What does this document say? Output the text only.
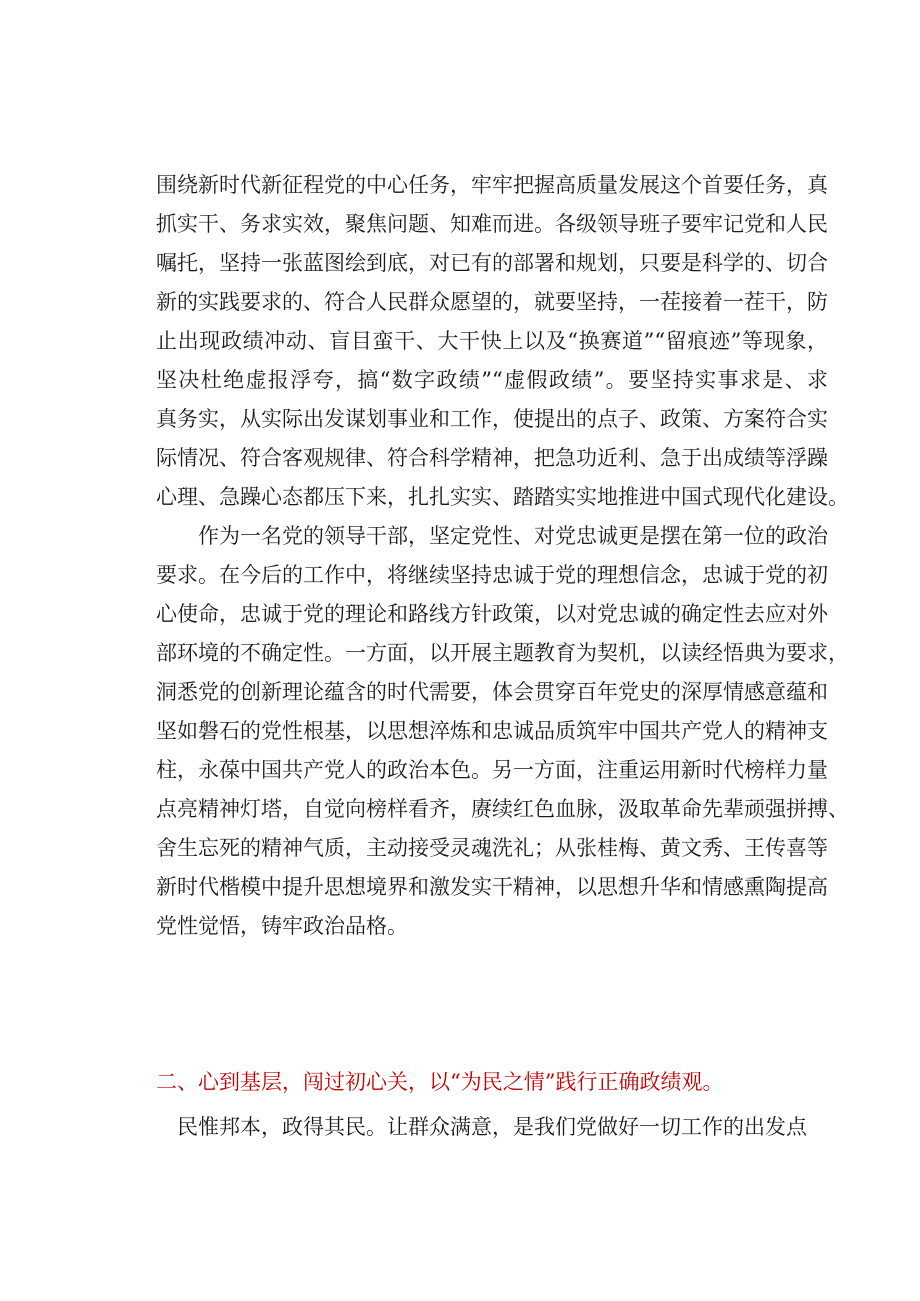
围绕新时代新征程党的中心任务，牢牢把握高质量发展这个首要任务，真
抓实干、务求实效，聚焦问题、知难而进。各级领导班子要牢记党和人民
嘱托，坚持一张蓝图绘到底，对已有的部署和规划，只要是科学的、切合
新的实践要求的、符合人民群众愿望的，就要坚持，一茬接着一茬干，防
止出现政绩冲动、盲目蛮干、大干快上以及“换赛道”“留痕迹”等现象，
坚决杜绝虚报浮夸，搞“数字政绩”“虚假政绩”。要坚持实事求是、求
真务实，从实际出发谋划事业和工作，使提出的点子、政策、方案符合实
际情况、符合客观规律、符合科学精神，把急功近利、急于出成绩等浮躁
心理、急躁心态都压下来，扎扎实实、踏踏实实地推进中国式现代化建设。

作为一名党的领导干部，坚定党性、对党忠诚更是摆在第一位的政治
要求。在今后的工作中，将继续坚持忠诚于党的理想信念，忠诚于党的初
心使命，忠诚于党的理论和路线方针政策，以对党忠诚的确定性去应对外
部环境的不确定性。一方面，以开展主题教育为契机，以读经悟典为要求，
洞悉党的创新理论蕴含的时代需要，体会贯穿百年党史的深厚情感意蕴和
坚如磐石的党性根基，以思想淬炼和忠诚品质筑牢中国共产党人的精神支
柱，永葆中国共产党人的政治本色。另一方面，注重运用新时代榜样力量
点亮精神灯塔，自觉向榜样看齐，赓续红色血脉，汲取革命先辈顽强拼搏、
舍生忘死的精神气质，主动接受灵魂洗礼；从张桂梅、黄文秀、王传喜等
新时代楷模中提升思想境界和激发实干精神，以思想升华和情感熏陶提高
党性觉悟，铸牢政治品格。

二、心到基层，闯过初心关，以“为民之情”践行正确政绩观。
民惟邦本，政得其民。让群众满意，是我们党做好一切工作的出发点
